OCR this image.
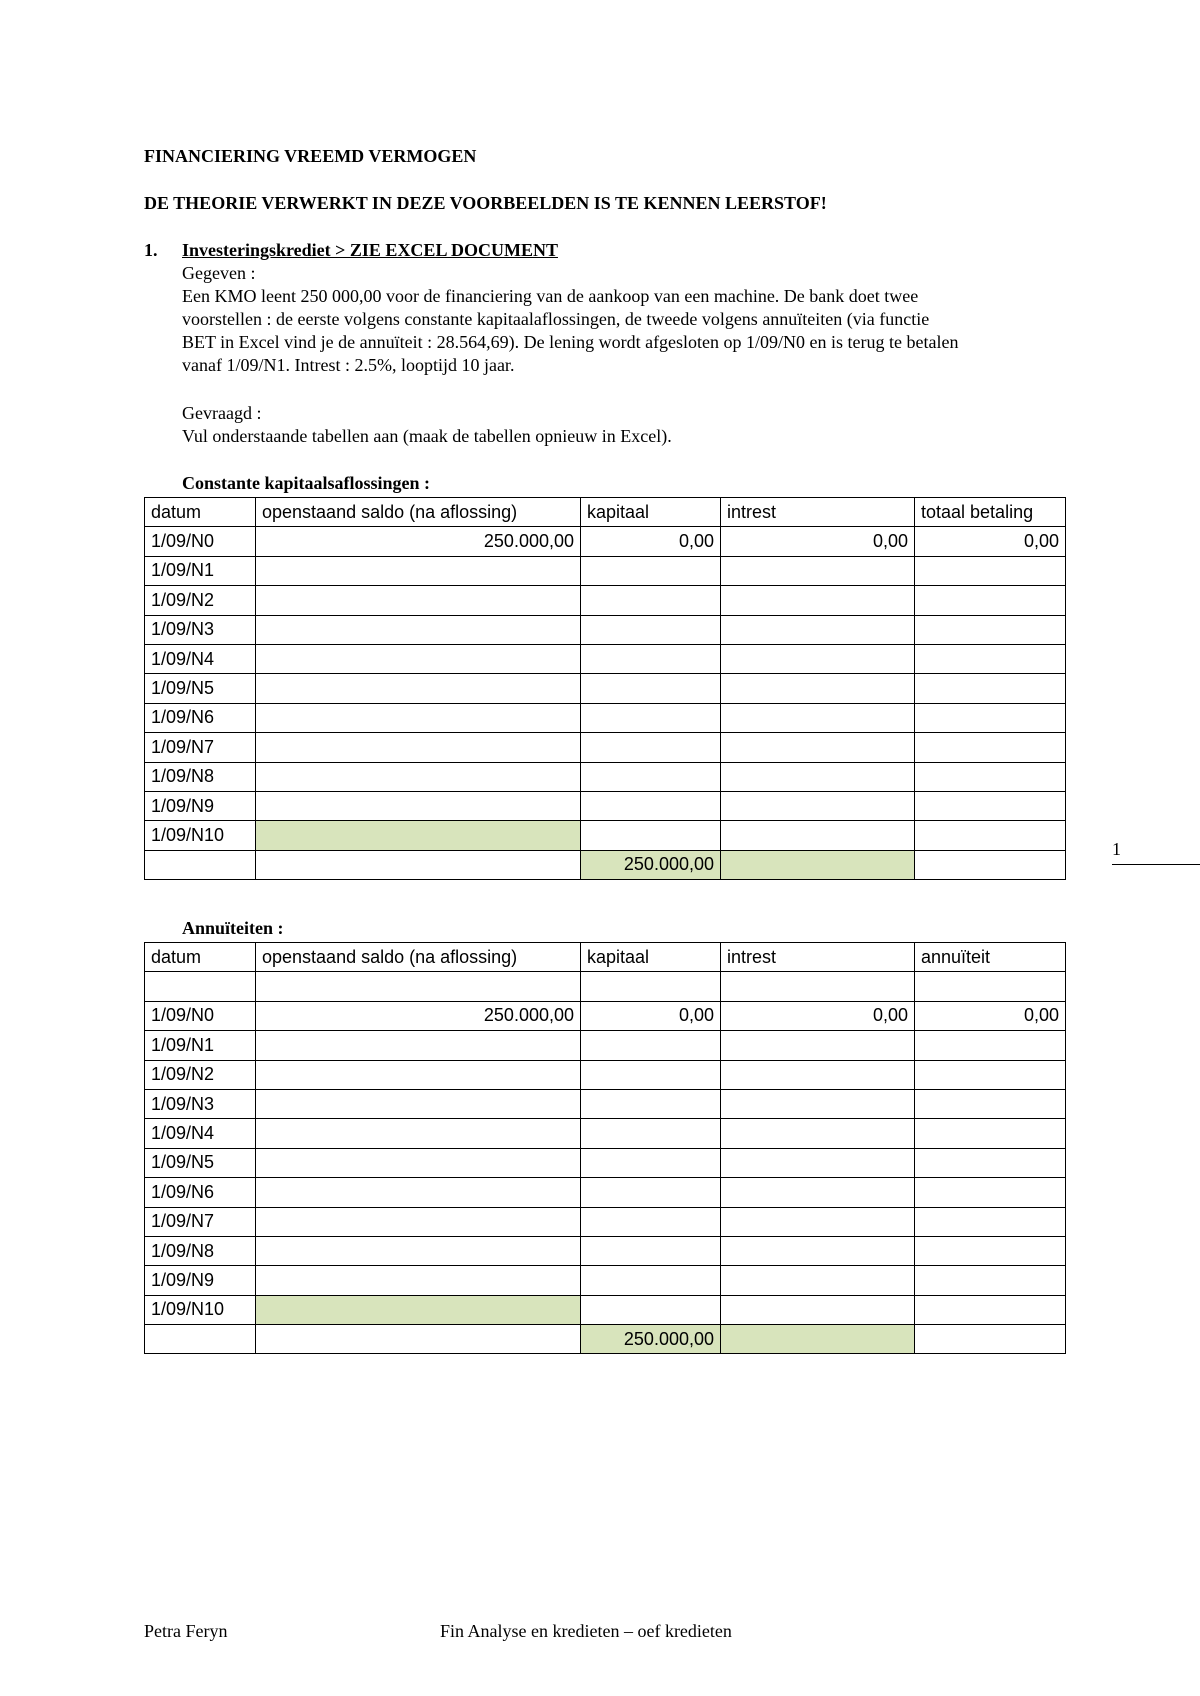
FINANCIERING VREEMD VERMOGEN
DE THEORIE VERWERKT IN DEZE VOORBEELDEN IS TE KENNEN LEERSTOF!
1. Investeringskrediet > ZIE EXCEL DOCUMENT
Gegeven :
Een KMO leent 250 000,00 voor de financiering van de aankoop van een machine. De bank doet twee
voorstellen : de eerste volgens constante kapitaalaflossingen, de tweede volgens annuïteiten (via functie
BET in Excel vind je de annuïteit : 28.564,69). De lening wordt afgesloten op 1/09/N0 en is terug te betalen
vanaf 1/09/N1. Intrest : 2.5%, looptijd 10 jaar.
Gevraagd :
Vul onderstaande tabellen aan (maak de tabellen opnieuw in Excel).
Constante kapitaalsaflossingen :
datum	openstaand saldo (na aflossing)	kapitaal	intrest	totaal betaling
1/09/N0	250.000,00	0,00	0,00	0,00
1/09/N1				
1/09/N2				
1/09/N3				
1/09/N4				
1/09/N5				
1/09/N6				
1/09/N7				
1/09/N8				
1/09/N9				
1/09/N10				
		250.000,00		
1
Annuïteiten :
datum	openstaand saldo (na aflossing)	kapitaal	intrest	annuïteit

1/09/N0	250.000,00	0,00	0,00	0,00
1/09/N1				
1/09/N2				
1/09/N3				
1/09/N4				
1/09/N5				
1/09/N6				
1/09/N7				
1/09/N8				
1/09/N9				
1/09/N10				
		250.000,00		
Petra Feryn	Fin Analyse en kredieten – oef kredieten
